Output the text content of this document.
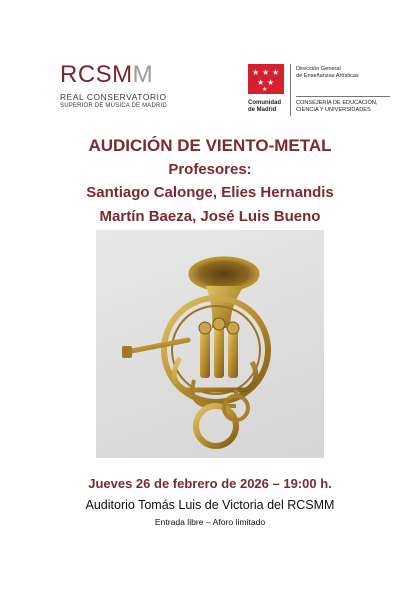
RCSMM
REAL CONSERVATORIO
SUPERIOR DE MÚSICA DE MADRID
★ ★ ★
★ ★
★
Comunidad
de Madrid
Dirección General
de Enseñanzas Artísticas
CONSEJERÍA DE EDUCACIÓN,
CIENCIA Y UNIVERSIDADES
AUDICIÓN DE VIENTO-METAL
Profesores:
Santiago Calonge, Elies Hernandis
Martín Baeza, José Luis Bueno
Jueves 26 de febrero de 2026 – 19:00 h.
Auditorio Tomás Luis de Victoria del RCSMM
Entrada libre – Aforo limitado
